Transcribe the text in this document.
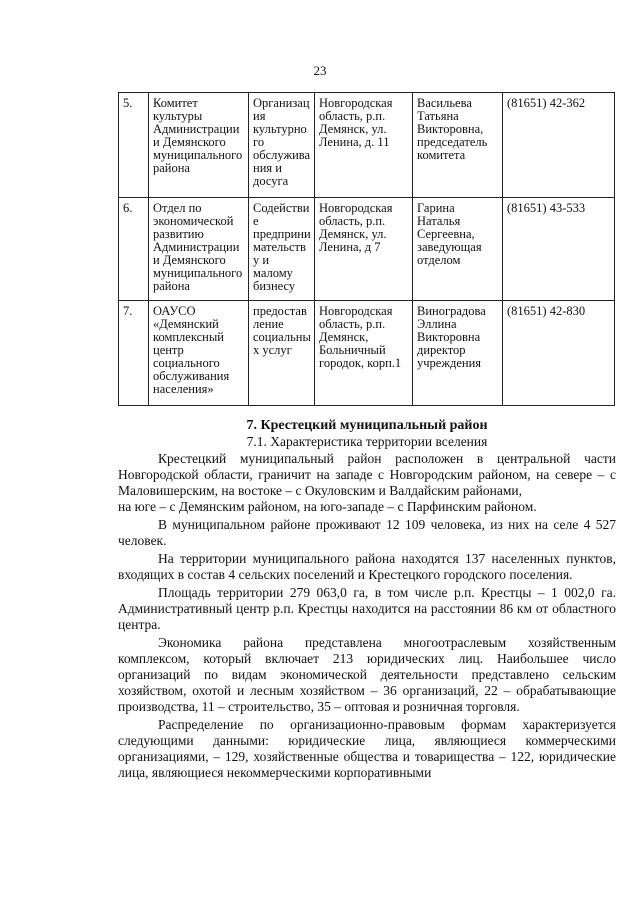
23
5.	Комитет культуры Администрации и Демянского муниципального района	Организация культурного обслуживания и досуга	Новгородская область, р.п. Демянск, ул. Ленина, д. 11	Васильева Татьяна Викторовна, председатель комитета	(81651) 42-362
6.	Отдел по экономической развитию Администрации и Демянского муниципального района	Содействие предпринимательству и малому бизнесу	Новгородская область, р.п. Демянск, ул. Ленина, д 7	Гарина Наталья Сергеевна, заведующая отделом	(81651) 43-533
7.	ОАУСО «Демянский комплексный центр социального обслуживания населения»	предоставление социальных услуг	Новгородская область, р.п. Демянск, Больничный городок, корп.1	Виноградова Эллина Викторовна директор учреждения	(81651) 42-830
7. Крестецкий муниципальный район
7.1. Характеристика территории вселения
Крестецкий муниципальный район расположен в центральной части Новгородской области, граничит на западе с Новгородским районом, на севере – с Маловишерским, на востоке – с Окуловским и Валдайским районами,
на юге – с Демянским районом, на юго-западе – с Парфинским районом.
В муниципальном районе проживают 12 109 человека, из них на селе 4 527 человек.
На территории муниципального района находятся 137 населенных пунктов, входящих в состав 4 сельских поселений и Крестецкого городского поселения.
Площадь территории 279 063,0 га, в том числе р.п. Крестцы – 1 002,0 га. Административный центр р.п. Крестцы находится на расстоянии 86 км от областного центра.
Экономика района представлена многоотраслевым хозяйственным комплексом, который включает 213 юридических лиц. Наибольшее число организаций по видам экономической деятельности представлено сельским хозяйством, охотой и лесным хозяйством – 36 организаций, 22 – обрабатывающие производства, 11 – строительство, 35 – оптовая и розничная торговля.
Распределение по организационно-правовым формам характеризуется следующими данными: юридические лица, являющиеся коммерческими организациями, – 129, хозяйственные общества и товарищества – 122, юридические лица, являющиеся некоммерческими корпоративными
